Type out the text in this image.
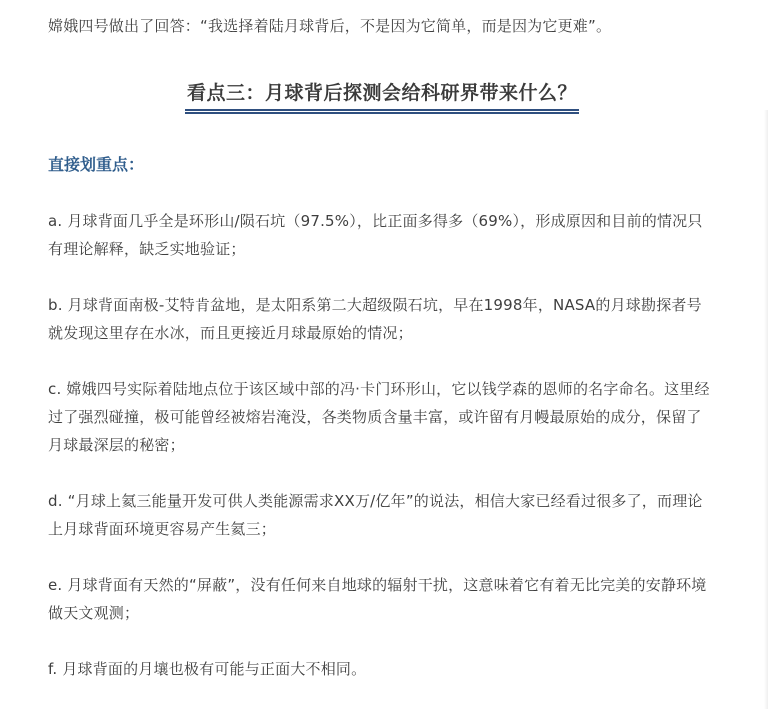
嫦娥四号做出了回答：“我选择着陆月球背后，不是因为它简单，而是因为它更难”。

看点三：月球背后探测会给科研界带来什么？

直接划重点：

a. 月球背面几乎全是环形山/陨石坑（97.5%），比正面多得多（69%），形成原因和目前的情况只有理论解释，缺乏实地验证；

b. 月球背面南极-艾特肯盆地，是太阳系第二大超级陨石坑，早在1998年，NASA的月球勘探者号就发现这里存在水冰，而且更接近月球最原始的情况；

c. 嫦娥四号实际着陆地点位于该区域中部的冯·卡门环形山，它以钱学森的恩师的名字命名。这里经过了强烈碰撞，极可能曾经被熔岩淹没，各类物质含量丰富，或许留有月幔最原始的成分，保留了月球最深层的秘密；

d. “月球上氦三能量开发可供人类能源需求XX万/亿年”的说法，相信大家已经看过很多了，而理论上月球背面环境更容易产生氦三；

e. 月球背面有天然的“屏蔽”，没有任何来自地球的辐射干扰，这意味着它有着无比完美的安静环境做天文观测；

f. 月球背面的月壤也极有可能与正面大不相同。
